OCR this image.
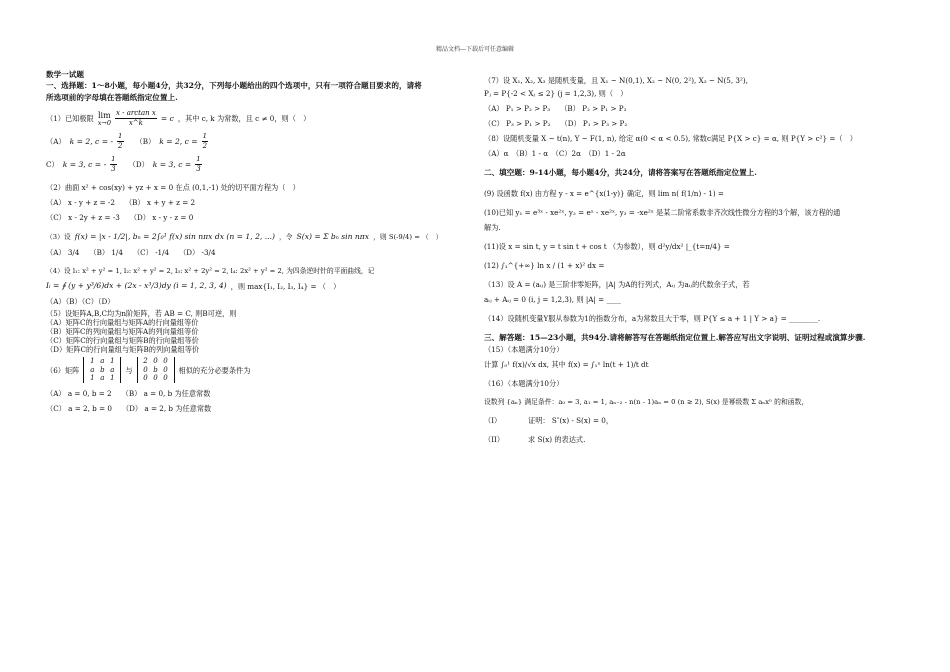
精品文档---下载后可任意编辑
数学一试题
一、选择题：1～8小题，每小题4分，共32分，下列每小题给出的四个选项中，只有一项符合题目要求的，请将
所选项前的字母填在答题纸指定位置上.
（1）已知极限 lim
$x\to 0 \frac{\text{x - arctan x}}{x\^{}k} = c$ ，其中 c, k 为常数，且 c ≠ 0，则（　）
（A） k = 2, c = - $\frac{1}{2} (B) k = 2$, $c = \frac{1}{2}$
C） k = 3, c = - $\frac{1}{3} (D) k = 3$, $c = \frac{1}{3}$
（2）曲面 x² + cos(xy) + yz + x = 0 在点 (0,1,-1) 处的切平面方程为（　）
（A） x - y + z = -2 （B） x + y + z = 2
（C） x - 2y + z = -3 （D） x - y - z = 0
（3）设 f(x) = |x - 1/2|, bₙ = 2∫₀¹ f(x) sin nπx dx (n = 1, 2, ...) ，令 S(x) = Σ bₙ sin nπx ，则 S(-9/4) = （　）
（A） 3/4 （B） 1/4 （C） -1/4 （D） -3/4
（4）设 l₁: x² + y² = 1, l₂: x² + y² = 2, l₃: x² + 2y² = 2, l₄: 2x² + y² = 2, 为四条逆时针的平面曲线，记
Iᵢ = ∮ (y + y³/6)dx + (2x - x³/3)dy (i = 1, 2, 3, 4) ，则 max{I₁, I₂, I₃, I₄} = （　）
（A）（B）（C）（D）
（5）设矩阵A,B,C均为n阶矩阵，若 AB = C, 则B可逆，则
（A）矩阵C的行向量组与矩阵A的行向量组等价
（B）矩阵C的列向量组与矩阵A的列向量组等价
（C）矩阵C的行向量组与矩阵B的行向量组等价
（D）矩阵C的行向量组与矩阵B的列向量组等价
（6）矩阵
1 a 1
a b a
1 a 1
与
2 0 0
0 b 0
0 0 0
相似的充分必要条件为
（A） a = 0, b = 2 （B） a = 0, b 为任意常数
（C） a = 2, b = 0 （D） a = 2, b 为任意常数
（7）设 X₁, X₂, X₃ 是随机变量，且 X₁ ~ N(0,1), X₂ ~ N(0, 2²), X₃ ~ N(5, 3²),
Pⱼ = P{-2 < Xⱼ ≤ 2} (j = 1,2,3), 则（　）
（A） P₁ > P₂ > P₃ （B） P₂ > P₁ > P₃
（C） P₃ > P₁ > P₂ （D） P₁ > P₃ > P₂
（8）设随机变量 X ~ t(n), Y ~ F(1, n), 给定 α(0 < α < 0.5), 常数c满足 P{X > c} = α, 则 P{Y > c²} =（　）
（A）α　（B）1 - α　（C）2α　（D）1 - 2α
二、填空题：9-14小题，每小题4分，共24分，请将答案写在答题纸指定位置上.
(9) 设函数 f(x) 由方程 y - x = e^{x(1-y)} 确定，则 lim n( f(1/n) - 1) =
(10)已知 y₁ = e³ˣ - xe²ˣ, y₂ = eˣ - xe²ˣ, y₃ = -xe²ˣ 是某二阶常系数非齐次线性微分方程的3个解，该方程的通
解为.
(11)设 x = sin t, y = t sin t + cos t （为参数），则 d²y/dx² |_{t=π/4} =
(12) ∫₁^{+∞} ln x / (1 + x)² dx =
（13）设 A = (aᵢⱼ) 是三阶非零矩阵，|A| 为A的行列式，Aᵢⱼ 为aᵢⱼ的代数余子式，若
aᵢⱼ + Aᵢⱼ = 0 (i, j = 1,2,3), 则 |A| = ____
（14）设随机变量Y服从参数为1的指数分布，a为常数且大于零，则 P{Y ≤ a + 1 | Y > a} = ________.
三、解答题：15—23小题，共94分.请将解答写在答题纸指定位置上.解答应写出文字说明、证明过程或演算步骤.
（15）（本题满分10分）
计算 ∫₀¹ f(x)/√x dx, 其中 f(x) = ∫₁ˣ ln(t + 1)/t dt
（16）（本题满分10分）
设数列 {aₙ} 满足条件：a₀ = 3, a₁ = 1, aₙ₋₂ - n(n - 1)aₙ = 0 (n ≥ 2), S(x) 是幂级数 Σ aₙxⁿ 的和函数，
（I）	证明： S″(x) - S(x) = 0，
（II）	求 S(x) 的表达式.
